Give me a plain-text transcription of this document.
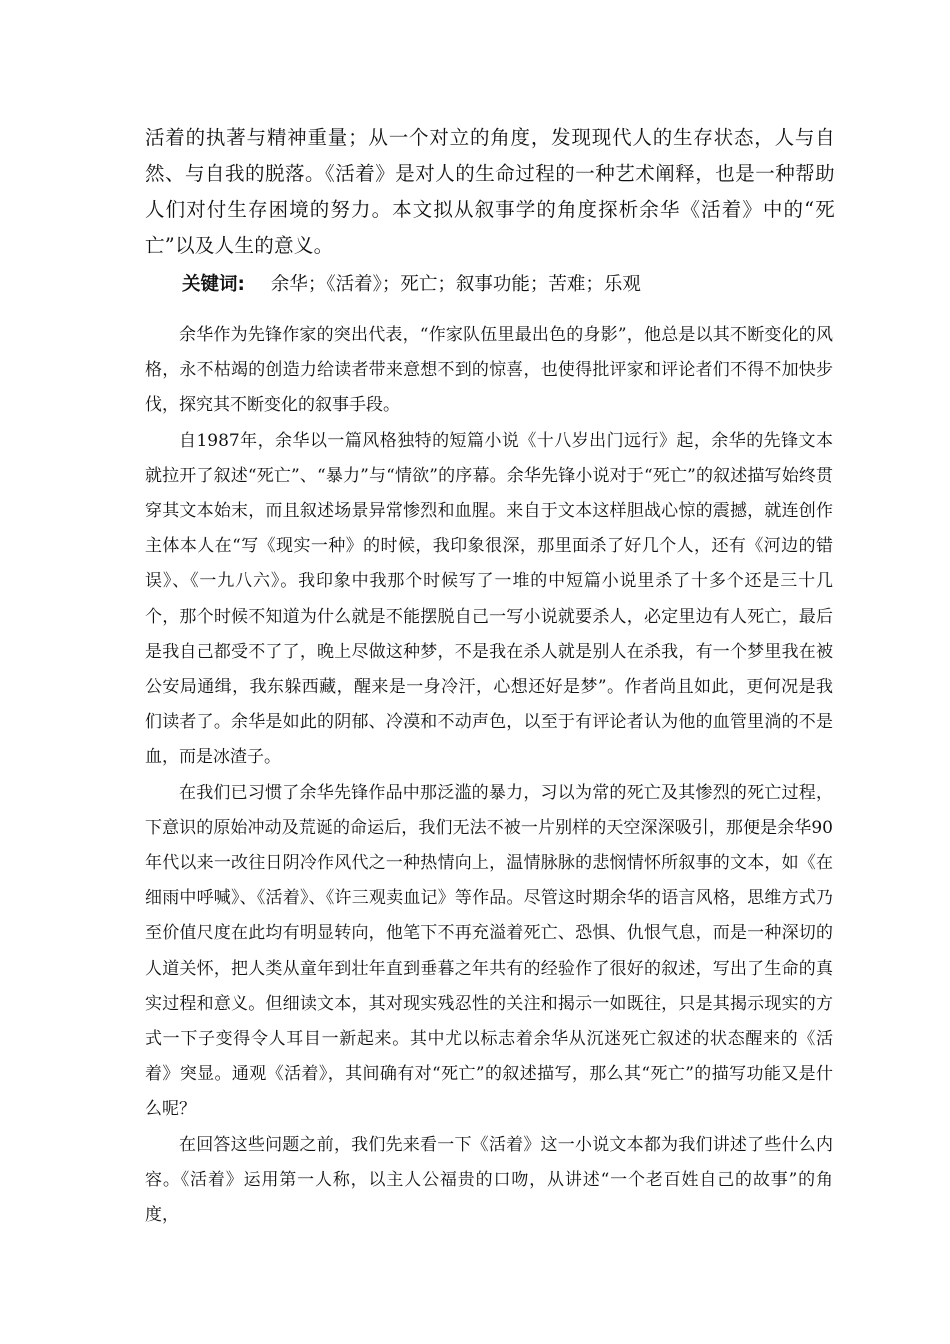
活着的执著与精神重量；从一个对立的角度，发现现代人的生存状态，人与自然、与自我的脱落。《活着》是对人的生命过程的一种艺术阐释，也是一种帮助人们对付生存困境的努力。本文拟从叙事学的角度探析余华《活着》中的“死亡”以及人生的意义。
关键词: 余华；《活着》；死亡；叙事功能；苦难；乐观

余华作为先锋作家的突出代表，“作家队伍里最出色的身影”，他总是以其不断变化的风格，永不枯竭的创造力给读者带来意想不到的惊喜，也使得批评家和评论者们不得不加快步伐，探究其不断变化的叙事手段。

自1987年，余华以一篇风格独特的短篇小说《十八岁出门远行》起，余华的先锋文本就拉开了叙述“死亡”、“暴力”与“情欲”的序幕。余华先锋小说对于“死亡”的叙述描写始终贯穿其文本始末，而且叙述场景异常惨烈和血腥。来自于文本这样胆战心惊的震撼，就连创作主体本人在“写《现实一种》的时候，我印象很深，那里面杀了好几个人，还有《河边的错误》、《一九八六》。我印象中我那个时候写了一堆的中短篇小说里杀了十多个还是三十几个，那个时候不知道为什么就是不能摆脱自己一写小说就要杀人，必定里边有人死亡，最后是我自己都受不了了，晚上尽做这种梦，不是我在杀人就是别人在杀我，有一个梦里我在被公安局通缉，我东躲西藏，醒来是一身冷汗，心想还好是梦”。作者尚且如此，更何况是我们读者了。余华是如此的阴郁、冷漠和不动声色，以至于有评论者认为他的血管里淌的不是血，而是冰渣子。

在我们已习惯了余华先锋作品中那泛滥的暴力，习以为常的死亡及其惨烈的死亡过程，下意识的原始冲动及荒诞的命运后，我们无法不被一片别样的天空深深吸引，那便是余华90年代以来一改往日阴冷作风代之一种热情向上，温情脉脉的悲悯情怀所叙事的文本，如《在细雨中呼喊》、《活着》、《许三观卖血记》等作品。尽管这时期余华的语言风格，思维方式乃至价值尺度在此均有明显转向，他笔下不再充溢着死亡、恐惧、仇恨气息，而是一种深切的人道关怀，把人类从童年到壮年直到垂暮之年共有的经验作了很好的叙述，写出了生命的真实过程和意义。但细读文本，其对现实残忍性的关注和揭示一如既往，只是其揭示现实的方式一下子变得令人耳目一新起来。其中尤以标志着余华从沉迷死亡叙述的状态醒来的《活着》突显。通观《活着》，其间确有对“死亡”的叙述描写，那么其“死亡”的描写功能又是什么呢？

在回答这些问题之前，我们先来看一下《活着》这一小说文本都为我们讲述了些什么内容。《活着》运用第一人称，以主人公福贵的口吻，从讲述“一个老百姓自己的故事”的角度，
